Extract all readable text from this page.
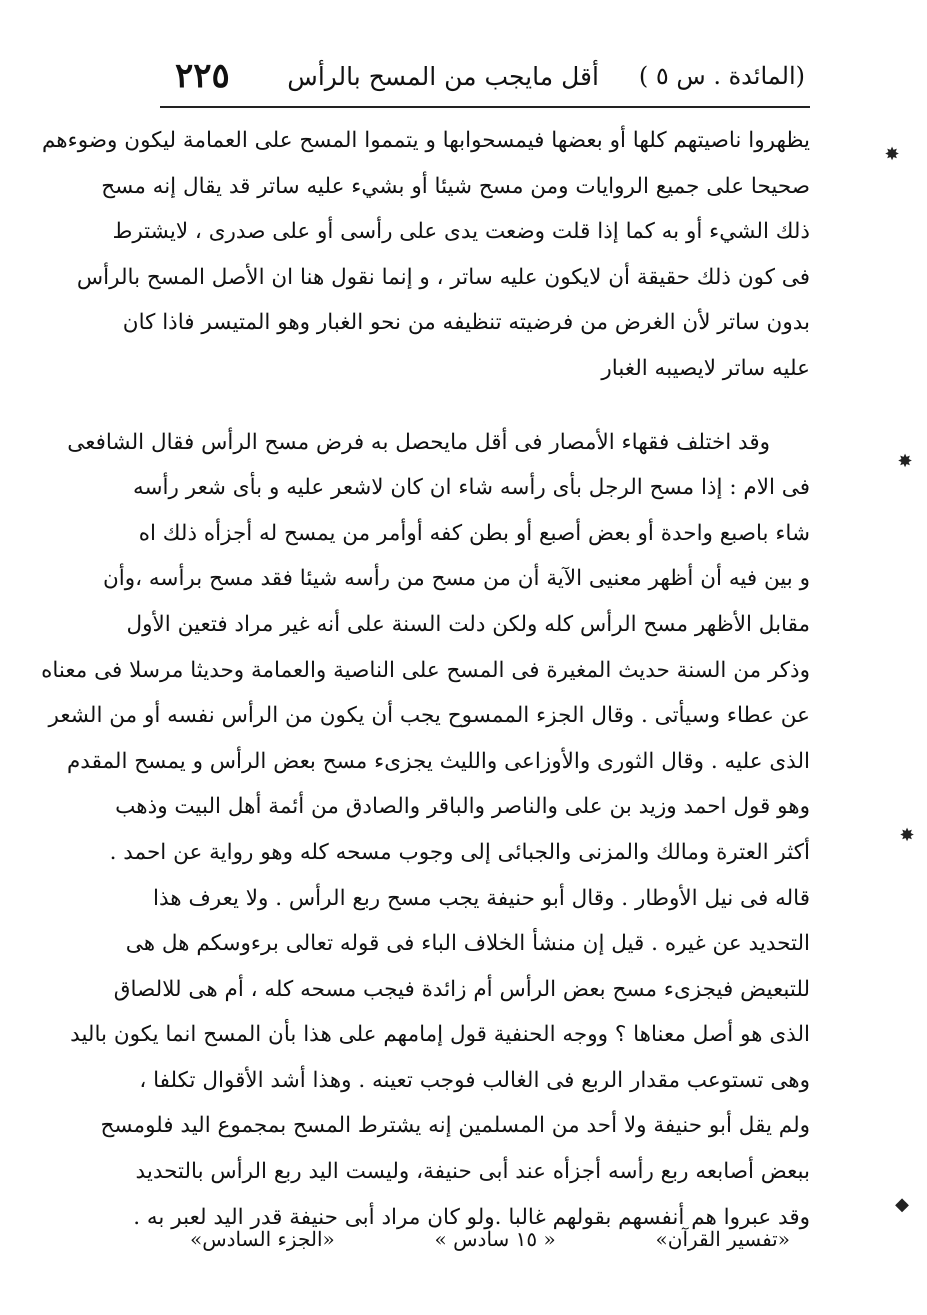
(المائدة . س ٥ )
أقل مايجب من المسح بالرأس
٢٢٥
يظهروا ناصيتهم كلها أو بعضها فيمسحوابها و يتمموا المسح على العمامة ليكون وضوءهم
صحيحا على جميع الروايات ومن مسح شيئا أو بشيء عليه ساتر قد يقال إنه مسح
ذلك الشيء أو به كما إذا قلت وضعت يدى على رأسى أو على صدرى ، لايشترط
فى كون ذلك حقيقة أن لايكون عليه ساتر ، و إنما نقول هنا ان الأصل المسح بالرأس
بدون ساتر لأن الغرض من فرضيته تنظيفه من نحو الغبار وهو المتيسر فاذا كان
عليه ساتر لايصيبه الغبار
وقد اختلف فقهاء الأمصار فى أقل مايحصل به فرض مسح الرأس فقال الشافعى
فى الام : إذا مسح الرجل بأى رأسه شاء ان كان لاشعر عليه و بأى شعر رأسه
شاء باصبع واحدة أو بعض أصبع أو بطن كفه أوأمر من يمسح له أجزأه ذلك اه
و بين فيه أن أظهر معنيى الآية أن من مسح من رأسه شيئا فقد مسح برأسه ،وأن
مقابل الأظهر مسح الرأس كله ولكن دلت السنة على أنه غير مراد فتعين الأول
وذكر من السنة حديث المغيرة فى المسح على الناصية والعمامة وحديثا مرسلا فى معناه
عن عطاء وسيأتى . وقال الجزء الممسوح يجب أن يكون من الرأس نفسه أو من الشعر
الذى عليه . وقال الثورى والأوزاعى والليث يجزىء مسح بعض الرأس و يمسح المقدم
وهو قول احمد وزيد بن على والناصر والباقر والصادق من أئمة أهل البيت وذهب
أكثر العترة ومالك والمزنى والجبائى إلى وجوب مسحه كله وهو رواية عن احمد .
قاله فى نيل الأوطار . وقال أبو حنيفة يجب مسح ربع الرأس . ولا يعرف هذا
التحديد عن غيره . قيل إن منشأ الخلاف الباء فى قوله تعالى برءوسكم هل هى
للتبعيض فيجزىء مسح بعض الرأس أم زائدة فيجب مسحه كله ، أم هى للالصاق
الذى هو أصل معناها ؟ ووجه الحنفية قول إمامهم على هذا بأن المسح انما يكون باليد
وهى تستوعب مقدار الربع فى الغالب فوجب تعينه . وهذا أشد الأقوال تكلفا ،
ولم يقل أبو حنيفة ولا أحد من المسلمين إنه يشترط المسح بمجموع اليد فلومسح
ببعض أصابعه ربع رأسه أجزأه عند أبى حنيفة، وليست اليد ربع الرأس بالتحديد
وقد عبروا هم أنفسهم بقولهم غالبا .ولو كان مراد أبى حنيفة قدر اليد لعبر به .
✸
✸
✸
◆
«تفسير القرآن»
« ١٥ سادس »
«الجزء السادس»
